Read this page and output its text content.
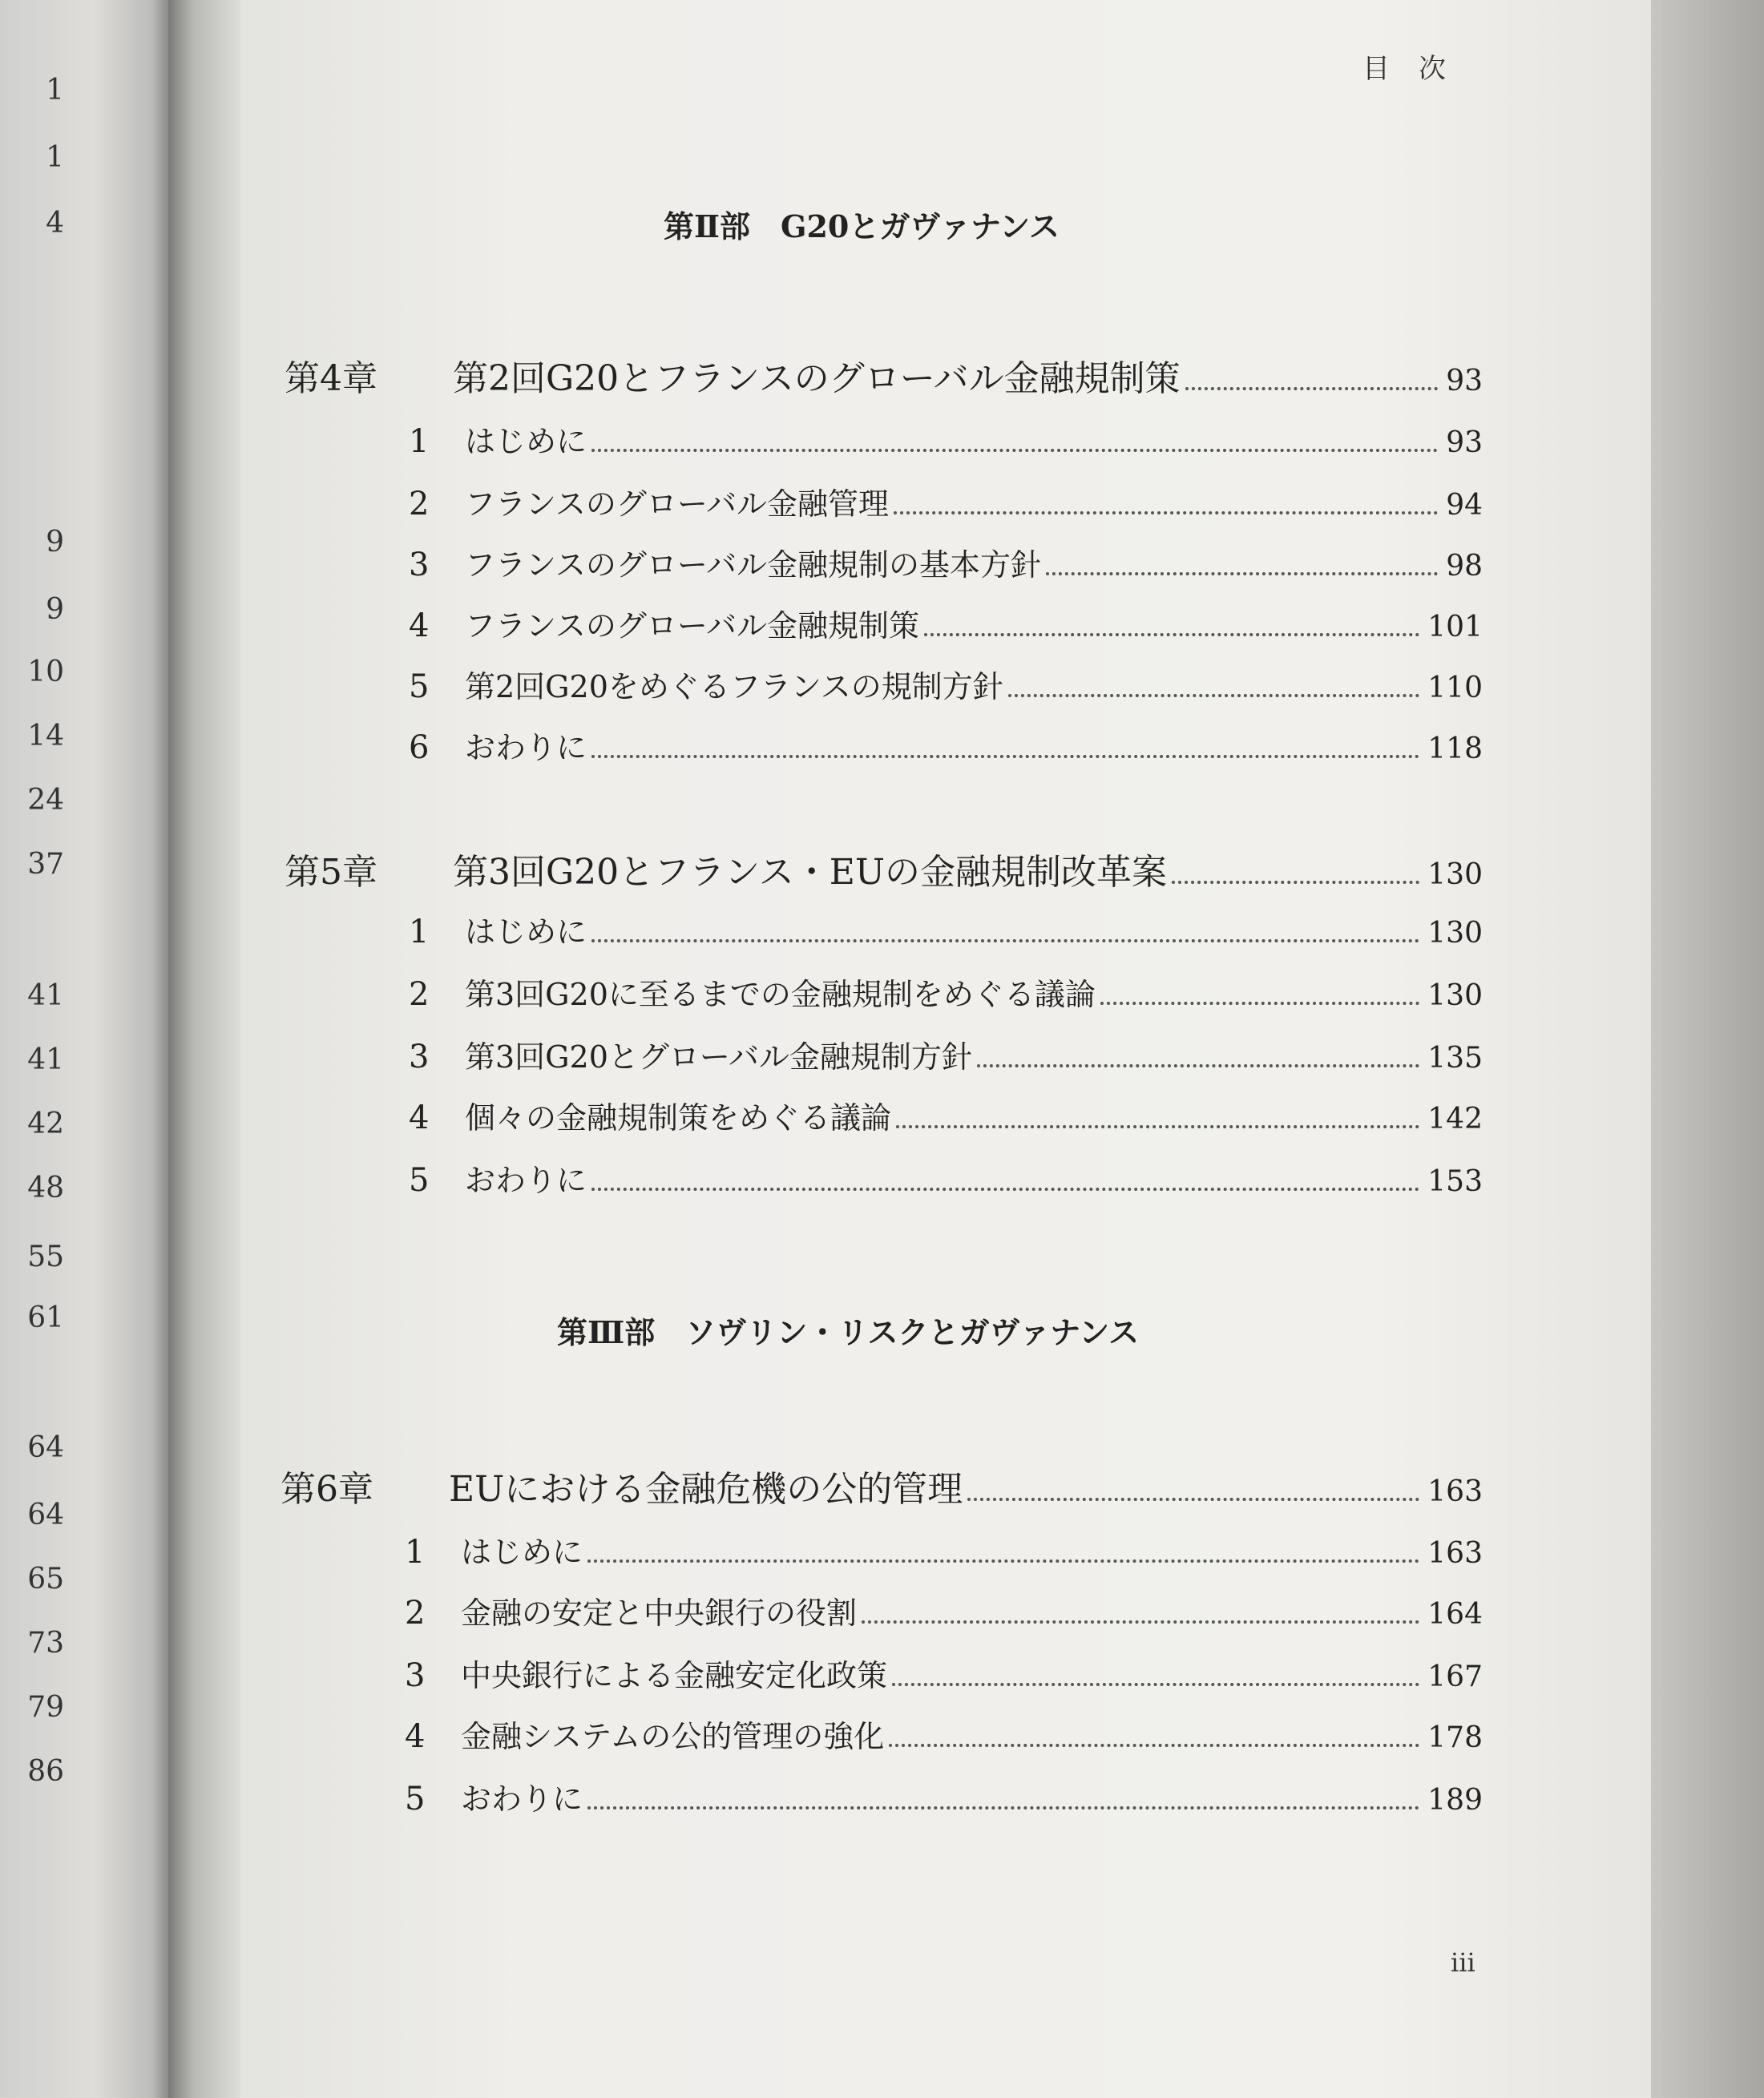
1
1
4
9
9
10
14
24
37
41
41
42
48
55
61
64
64
65
73
79
86
目次
第Ⅱ部　G20とガヴァナンス
第4章	第2回G20とフランスのグローバル金融規制策	93
1	はじめに	93
2	フランスのグローバル金融管理	94
3	フランスのグローバル金融規制の基本方針	98
4	フランスのグローバル金融規制策	101
5	第2回G20をめぐるフランスの規制方針	110
6	おわりに	118
第5章	第3回G20とフランス・EUの金融規制改革案	130
1	はじめに	130
2	第3回G20に至るまでの金融規制をめぐる議論	130
3	第3回G20とグローバル金融規制方針	135
4	個々の金融規制策をめぐる議論	142
5	おわりに	153
第Ⅲ部　ソヴリン・リスクとガヴァナンス
第6章	EUにおける金融危機の公的管理	163
1	はじめに	163
2	金融の安定と中央銀行の役割	164
3	中央銀行による金融安定化政策	167
4	金融システムの公的管理の強化	178
5	おわりに	189
iii
